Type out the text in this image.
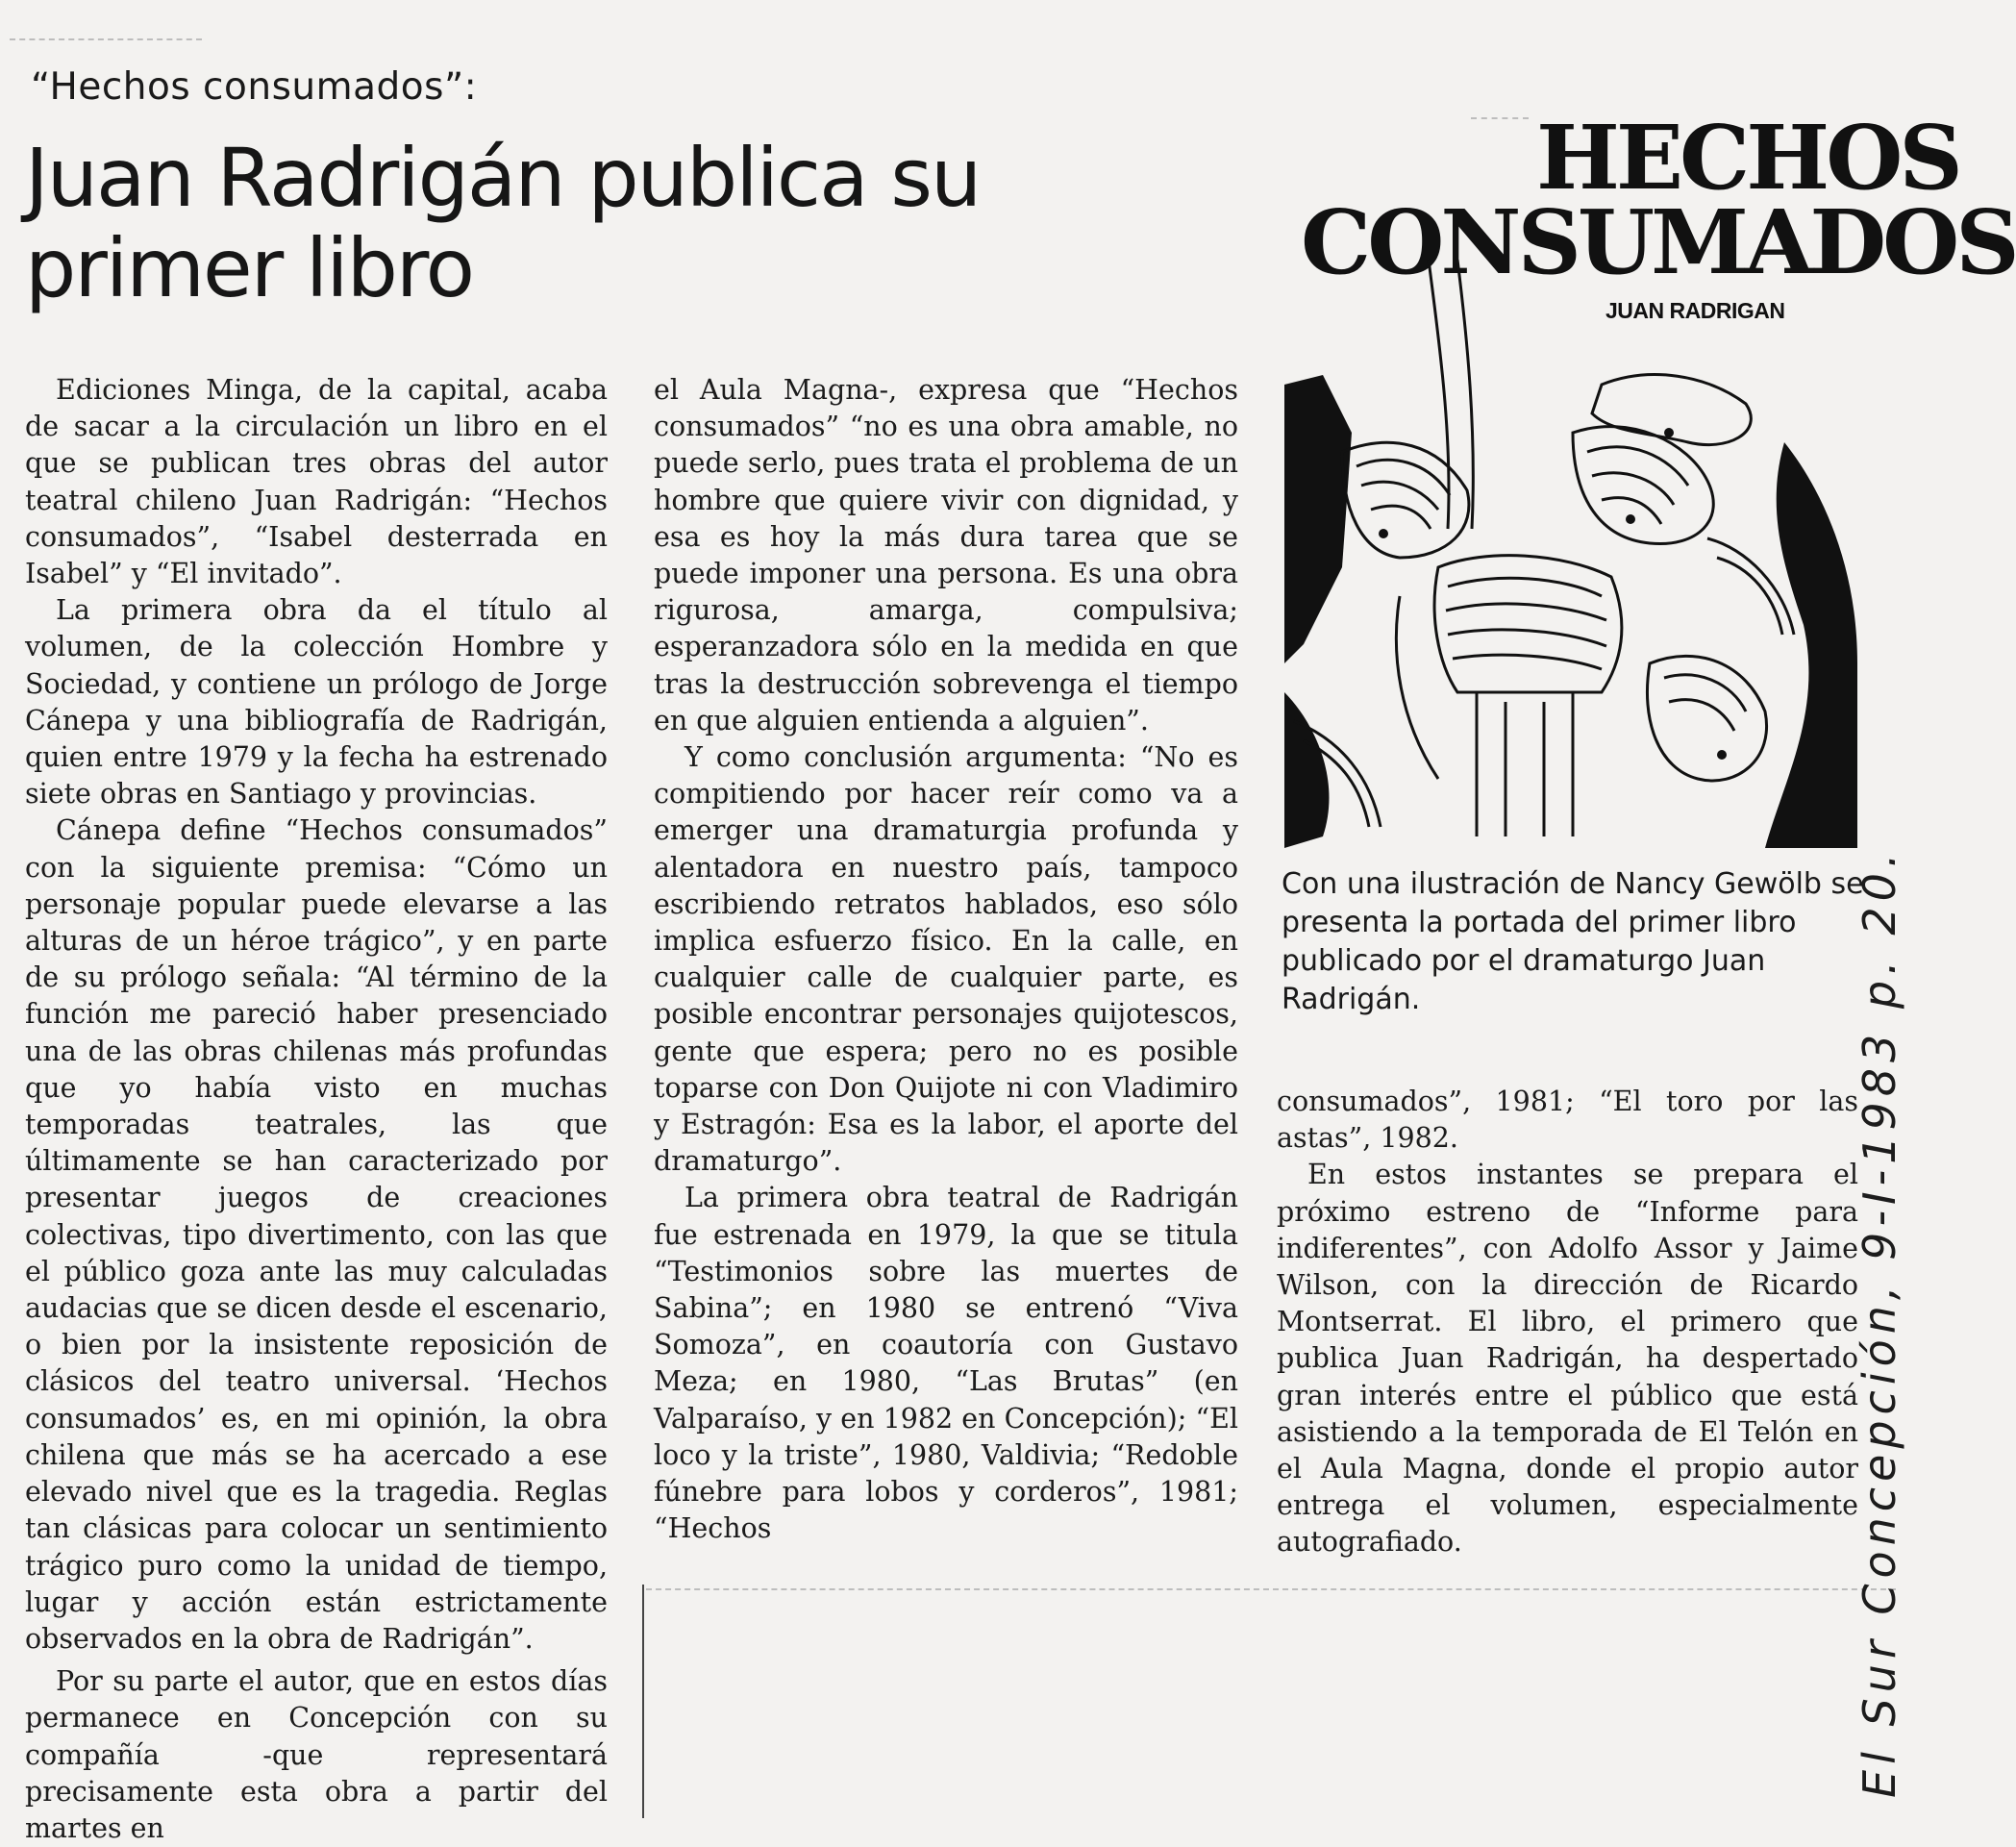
“Hechos consumados”:
Juan Radrigán publica su primer libro

Ediciones Minga, de la capital, acaba de sacar a la circulación un libro en el que se publican tres obras del autor teatral chileno Juan Radrigán: “Hechos consumados”, “Isabel desterrada en Isabel” y “El invitado”.

La primera obra da el título al volumen, de la colección Hombre y Sociedad, y contiene un prólogo de Jorge Cánepa y una bibliografía de Radrigán, quien entre 1979 y la fecha ha estrenado siete obras en Santiago y provincias.

Cánepa define “Hechos consumados” con la siguiente premisa: “Cómo un personaje popular puede elevarse a las alturas de un héroe trágico”, y en parte de su prólogo señala: “Al término de la función me pareció haber presenciado una de las obras chilenas más profundas que yo había visto en muchas temporadas teatrales, las que últimamente se han caracterizado por presentar juegos de creaciones colectivas, tipo divertimento, con las que el público goza ante las muy calculadas audacias que se dicen desde el escenario, o bien por la insistente reposición de clásicos del teatro universal. ‘Hechos consumados’ es, en mi opinión, la obra chilena que más se ha acercado a ese elevado nivel que es la tragedia. Reglas tan clásicas para colocar un sentimiento trágico puro como la unidad de tiempo, lugar y acción están estrictamente observados en la obra de Radrigán”.

Por su parte el autor, que en estos días permanece en Concepción con su compañía -que representará precisamente esta obra a partir del martes en

el Aula Magna-, expresa que “Hechos consumados” “no es una obra amable, no puede serlo, pues trata el problema de un hombre que quiere vivir con dignidad, y esa es hoy la más dura tarea que se puede imponer una persona. Es una obra rigurosa, amarga, compulsiva; esperanzadora sólo en la medida en que tras la destrucción sobrevenga el tiempo en que alguien entienda a alguien”.

Y como conclusión argumenta: “No es compitiendo por hacer reír como va a emerger una dramaturgia profunda y alentadora en nuestro país, tampoco escribiendo retratos hablados, eso sólo implica esfuerzo físico. En la calle, en cualquier calle de cualquier parte, es posible encontrar personajes quijotescos, gente que espera; pero no es posible toparse con Don Quijote ni con Vladimiro y Estragón: Esa es la labor, el aporte del dramaturgo”.

La primera obra teatral de Radrigán fue estrenada en 1979, la que se titula “Testimonios sobre las muertes de Sabina”; en 1980 se entrenó “Viva Somoza”, en coautoría con Gustavo Meza; en 1980, “Las Brutas” (en Valparaíso, y en 1982 en Concepción); “El loco y la triste”, 1980, Valdivia; “Redoble fúnebre para lobos y corderos”, 1981; “Hechos

HECHOS
CONSUMADOS
JUAN RADRIGAN
Con una ilustración de Nancy Gewölb se presenta la portada del primer libro publicado por el dramaturgo Juan Radrigán.

consumados”, 1981; “El toro por las astas”, 1982.

En estos instantes se prepara el próximo estreno de “Informe para indiferentes”, con Adolfo Assor y Jaime Wilson, con la dirección de Ricardo Montserrat. El libro, el primero que publica Juan Radrigán, ha despertado gran interés entre el público que está asistiendo a la temporada de El Telón en el Aula Magna, donde el propio autor entrega el volumen, especialmente autografiado.	El Sur Concepción, 9-I-1983 p. 20.
